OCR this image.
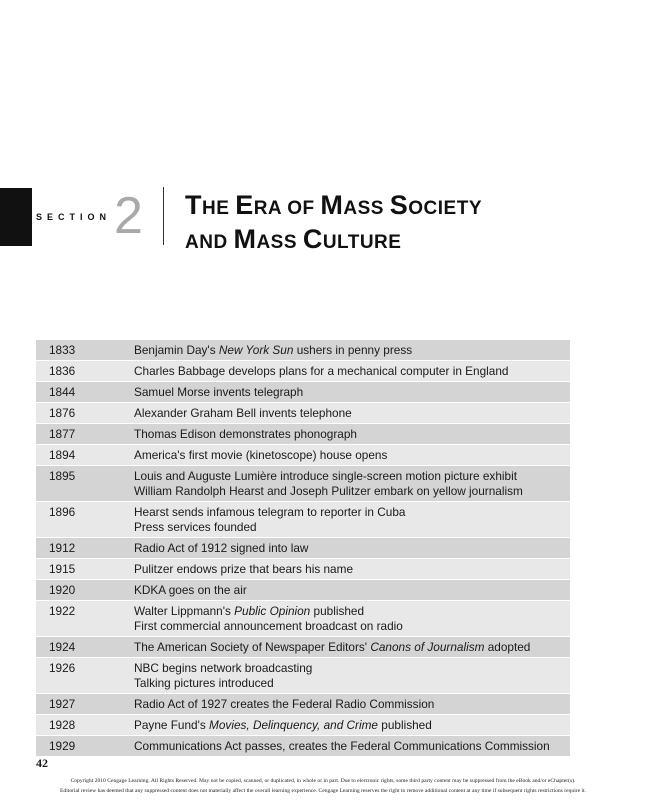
SECTION 2 THE ERA OF MASS SOCIETY
AND MASS CULTURE
1833	Benjamin Day's New York Sun ushers in penny press
1836	Charles Babbage develops plans for a mechanical computer in England
1844	Samuel Morse invents telegraph
1876	Alexander Graham Bell invents telephone
1877	Thomas Edison demonstrates phonograph
1894	America's first movie (kinetoscope) house opens
1895	Louis and Auguste Lumière introduce single-screen motion picture exhibit
William Randolph Hearst and Joseph Pulitzer embark on yellow journalism
1896	Hearst sends infamous telegram to reporter in Cuba
Press services founded
1912	Radio Act of 1912 signed into law
1915	Pulitzer endows prize that bears his name
1920	KDKA goes on the air
1922	Walter Lippmann's Public Opinion published
First commercial announcement broadcast on radio
1924	The American Society of Newspaper Editors' Canons of Journalism adopted
1926	NBC begins network broadcasting
Talking pictures introduced
1927	Radio Act of 1927 creates the Federal Radio Commission
1928	Payne Fund's Movies, Delinquency, and Crime published
1929	Communications Act passes, creates the Federal Communications Commission
42
Copyright 2010 Cengage Learning. All Rights Reserved. May not be copied, scanned, or duplicated, in whole or in part. Due to electronic rights, some third party content may be suppressed from the eBook and/or eChapter(s).
Editorial review has deemed that any suppressed content does not materially affect the overall learning experience. Cengage Learning reserves the right to remove additional content at any time if subsequent rights restrictions require it.
